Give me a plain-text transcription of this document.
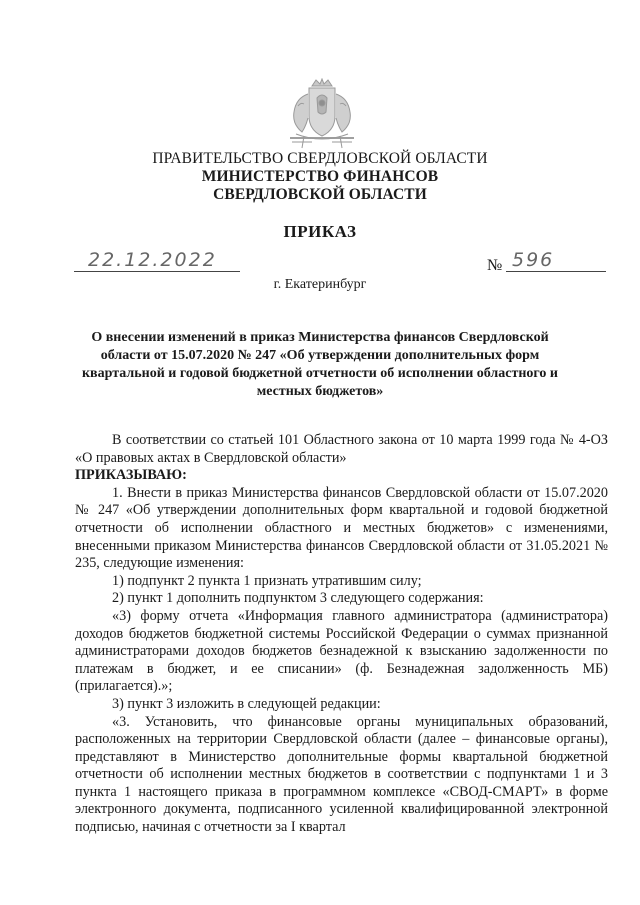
ПРАВИТЕЛЬСТВО СВЕРДЛОВСКОЙ ОБЛАСТИ
МИНИСТЕРСТВО ФИНАНСОВ
СВЕРДЛОВСКОЙ ОБЛАСТИ
ПРИКАЗ
22.12.2022	№ 596
г. Екатеринбург
О внесении изменений в приказ Министерства финансов Свердловской области от 15.07.2020 № 247 «Об утверждении дополнительных форм квартальной и годовой бюджетной отчетности об исполнении областного и местных бюджетов»

В соответствии со статьей 101 Областного закона от 10 марта 1999 года № 4-ОЗ «О правовых актах в Свердловской области»

ПРИКАЗЫВАЮ:

1. Внести в приказ Министерства финансов Свердловской области от 15.07.2020 № 247 «Об утверждении дополнительных форм квартальной и годовой бюджетной отчетности об исполнении областного и местных бюджетов» с изменениями, внесенными приказом Министерства финансов Свердловской области от 31.05.2021 № 235, следующие изменения:

1) подпункт 2 пункта 1 признать утратившим силу;

2) пункт 1 дополнить подпунктом 3 следующего содержания:

«3) форму отчета «Информация главного администратора (администратора) доходов бюджетов бюджетной системы Российской Федерации о суммах признанной администраторами доходов бюджетов безнадежной к взысканию задолженности по платежам в бюджет, и ее списании» (ф. Безнадежная задолженность МБ) (прилагается).»;

3) пункт 3 изложить в следующей редакции:

«3. Установить, что финансовые органы муниципальных образований, расположенных на территории Свердловской области (далее – финансовые органы), представляют в Министерство дополнительные формы квартальной бюджетной отчетности об исполнении местных бюджетов в соответствии с подпунктами 1 и 3 пункта 1 настоящего приказа в программном комплексе «СВОД-СМАРТ» в форме электронного документа, подписанного усиленной квалифицированной электронной подписью, начиная с отчетности за I квартал
